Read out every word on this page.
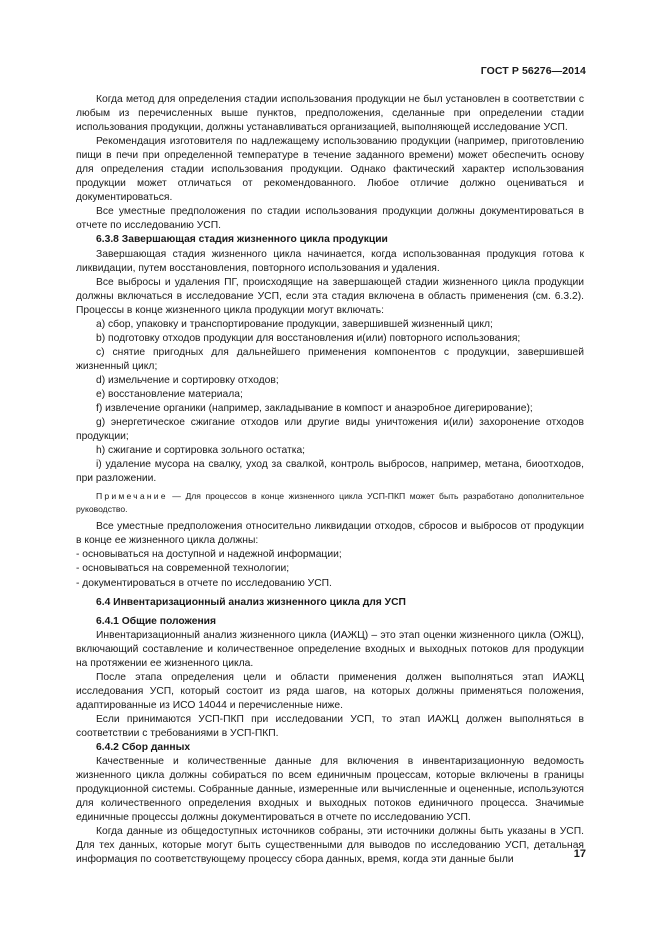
ГОСТ Р 56276—2014

Когда метод для определения стадии использования продукции не был установлен в соответствии с любым из перечисленных выше пунктов, предположения, сделанные при определении стадии использования продукции, должны устанавливаться организацией, выполняющей исследование УСП.

Рекомендация изготовителя по надлежащему использованию продукции (например, приготовлению пищи в печи при определенной температуре в течение заданного времени) может обеспечить основу для определения стадии использования продукции. Однако фактический характер использования продукции может отличаться от рекомендованного. Любое отличие должно оцениваться и документироваться.

Все уместные предположения по стадии использования продукции должны документироваться в отчете по исследованию УСП.

6.3.8 Завершающая стадия жизненного цикла продукции

Завершающая стадия жизненного цикла начинается, когда использованная продукция готова к ликвидации, путем восстановления, повторного использования и удаления.

Все выбросы и удаления ПГ, происходящие на завершающей стадии жизненного цикла продукции должны включаться в исследование УСП, если эта стадия включена в область применения (см. 6.3.2). Процессы в конце жизненного цикла продукции могут включать:

a) сбор, упаковку и транспортирование продукции, завершившей жизненный цикл;

b) подготовку отходов продукции для восстановления и(или) повторного использования;

c) снятие пригодных для дальнейшего применения компонентов с продукции, завершившей жизненный цикл;

d) измельчение и сортировку отходов;

e) восстановление материала;

f) извлечение органики (например, закладывание в компост и анаэробное дигерирование);

g) энергетическое сжигание отходов или другие виды уничтожения и(или) захоронение отходов продукции;

h) сжигание и сортировка зольного остатка;

i) удаление мусора на свалку, уход за свалкой, контроль выбросов, например, метана, биоотходов, при разложении.

Примечание — Для процессов в конце жизненного цикла УСП-ПКП может быть разработано дополнительное руководство.

Все уместные предположения относительно ликвидации отходов, сбросов и выбросов от продукции в конце ее жизненного цикла должны:

- основываться на доступной и надежной информации;

- основываться на современной технологии;

- документироваться в отчете по исследованию УСП.

6.4 Инвентаризационный анализ жизненного цикла для УСП

6.4.1 Общие положения

Инвентаризационный анализ жизненного цикла (ИАЖЦ) – это этап оценки жизненного цикла (ОЖЦ), включающий составление и количественное определение входных и выходных потоков для продукции на протяжении ее жизненного цикла.

После этапа определения цели и области применения должен выполняться этап ИАЖЦ исследования УСП, который состоит из ряда шагов, на которых должны применяться положения, адаптированные из ИСО 14044 и перечисленные ниже.

Если принимаются УСП-ПКП при исследовании УСП, то этап ИАЖЦ должен выполняться в соответствии с требованиями в УСП-ПКП.

6.4.2 Сбор данных

Качественные и количественные данные для включения в инвентаризационную ведомость жизненного цикла должны собираться по всем единичным процессам, которые включены в границы продукционной системы. Собранные данные, измеренные или вычисленные и оцененные, используются для количественного определения входных и выходных потоков единичного процесса. Значимые единичные процессы должны документироваться в отчете по исследованию УСП.

Когда данные из общедоступных источников собраны, эти источники должны быть указаны в УСП. Для тех данных, которые могут быть существенными для выводов по исследованию УСП, детальная информация по соответствующему процессу сбора данных, время, когда эти данные были	17
